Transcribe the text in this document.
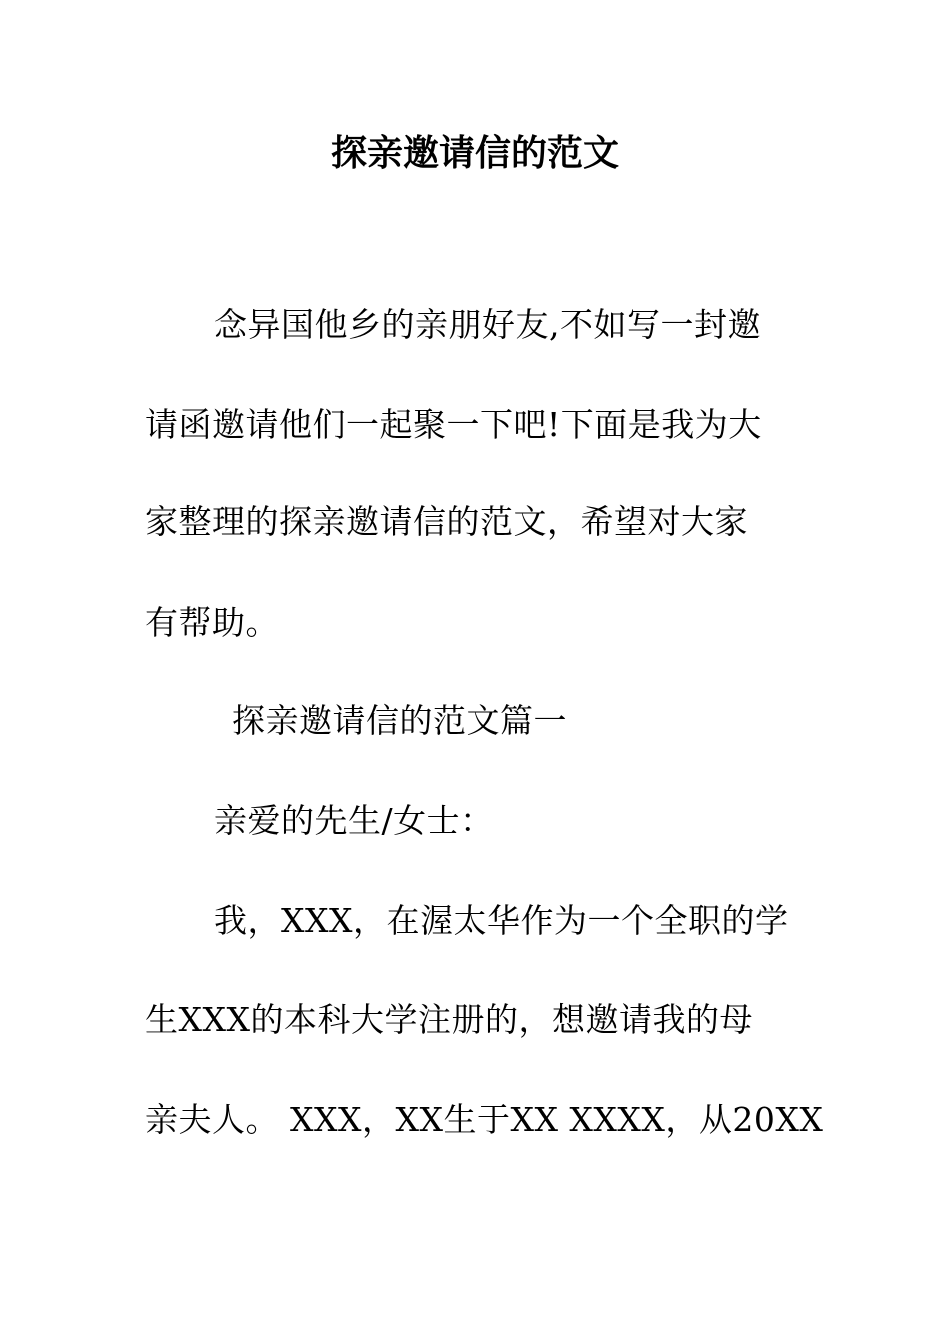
探亲邀请信的范文
念异国他乡的亲朋好友,不如写一封邀
请函邀请他们一起聚一下吧!下面是我为大
家整理的探亲邀请信的范文，希望对大家
有帮助。
探亲邀请信的范文篇一
亲爱的先生/女士：
我，XXX，在渥太华作为一个全职的学
生XXX的本科大学注册的，想邀请我的母
亲夫人。 XXX，XX生于XX XXXX，从20XX
